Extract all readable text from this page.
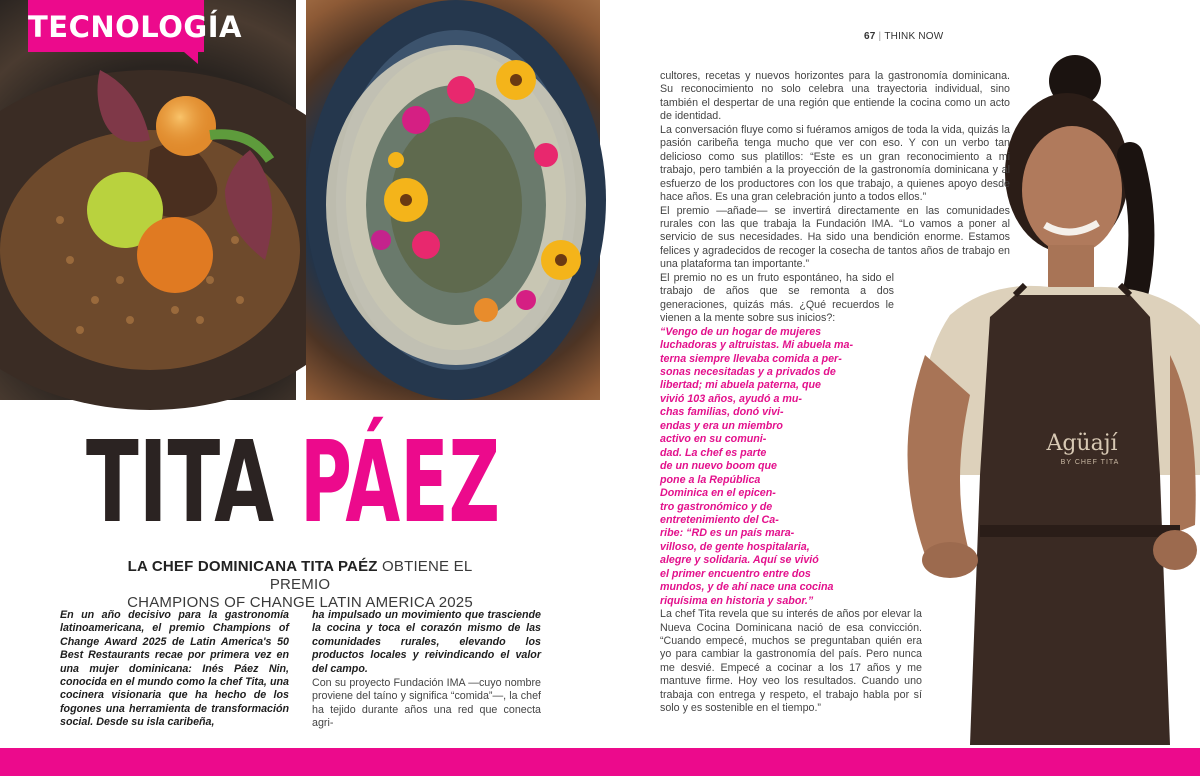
Agüají
BY CHEF TITA
TECNOLOGÍA	67 | THINK NOW
TITA PÁEZ
LA CHEF DOMINICANA TITA PAÉZ OBTIENE EL PREMIO
CHAMPIONS OF CHANGE LATIN AMERICA 2025

En un año decisivo para la gastronomía latinoamericana, el premio Champions of Change Award 2025 de Latin America's 50 Best Restaurants recae por primera vez en una mujer dominicana: Inés Páez Nin, conocida en el mundo como la chef Tita, una cocinera visionaria que ha hecho de los fogones una herramienta de transformación social. Desde su isla caribeña,

ha impulsado un movimiento que trasciende la cocina y toca el corazón mismo de las comunidades rurales, elevando los productos locales y reivindicando el valor del campo.

Con su proyecto Fundación IMA —cuyo nombre proviene del taíno y significa “comida”—, la chef ha tejido durante años una red que conecta agri-

cultores, recetas y nuevos horizontes para la gastronomía dominicana. Su reconocimiento no solo celebra una trayectoria individual, sino también el despertar de una región que entiende la cocina como un acto de identidad.

La conversación fluye como si fuéramos amigos de toda la vida, quizás la pasión caribeña tenga mucho que ver con eso. Y con un verbo tan delicioso como sus platillos: “Este es un gran reconocimiento a mi trabajo, pero también a la proyección de la gastronomía dominicana y al esfuerzo de los productores con los que trabajo, a quienes apoyo desde hace años. Es una gran celebración junto a todos ellos.”

El premio —añade— se invertirá directamente en las comunidades rurales con las que trabaja la Fundación IMA. “Lo vamos a poner al servicio de sus necesidades. Ha sido una bendición enorme. Estamos felices y agradecidos de recoger la cosecha de tantos años de trabajo en una plataforma tan importante.”

El premio no es un fruto espontáneo, ha sido el trabajo de años que se remonta a dos generaciones, quizás más. ¿Qué recuerdos le vienen a la mente sobre sus inicios?:

“Vengo de un hogar de mujeres
luchadoras y altruistas. Mi abuela ma-
terna siempre llevaba comida a per-
sonas necesitadas y a privados de
libertad; mi abuela paterna, que
vivió 103 años, ayudó a mu-
chas familias, donó vivi-
endas y era un miembro
activo en su comuni-
dad. La chef es parte
de un nuevo boom que
pone a la República
Dominica en el epicen-
tro gastronómico y de
entretenimiento del Ca-
ribe: “RD es un país mara-
villoso, de gente hospitalaria,
alegre y solidaria. Aquí se vivió
el primer encuentro entre dos
mundos, y de ahí nace una cocina
riquísima en historia y sabor.”

La chef Tita revela que su interés de años por elevar la Nueva Cocina Dominicana nació de esa convicción. “Cuando empecé, muchos se preguntaban quién era yo para cambiar la gastronomía del país. Pero nunca me desvié. Empecé a cocinar a los 17 años y me mantuve firme. Hoy veo los resultados. Cuando uno trabaja con entrega y respeto, el trabajo habla por sí solo y es sostenible en el tiempo.”
